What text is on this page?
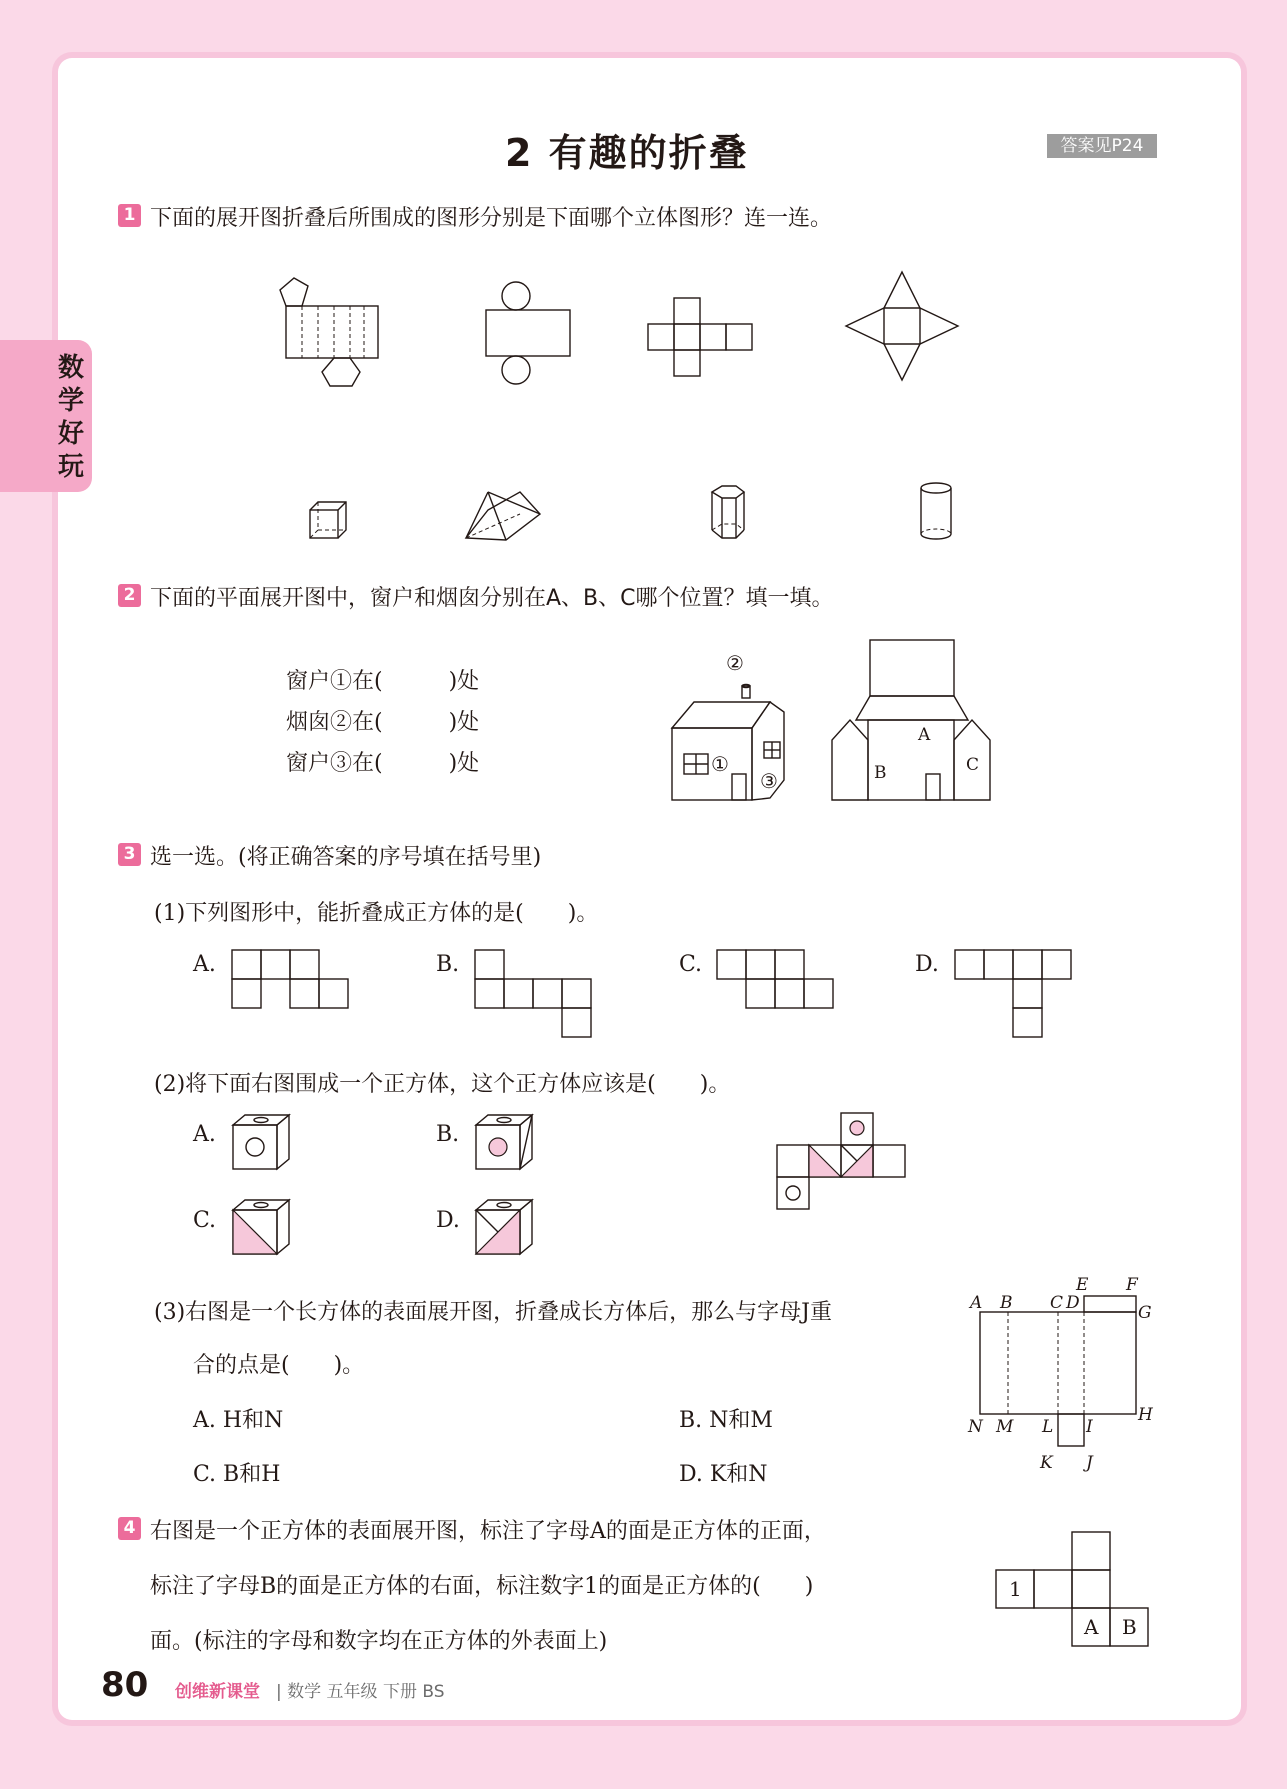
数学好玩
2 有趣的折叠	答案见P24
1 下面的展开图折叠后所围成的图形分别是下面哪个立体图形？连一连。
2 下面的平面展开图中，窗户和烟囱分别在A、B、C哪个位置？填一填。
窗户①在(　　　)处
烟囱②在(　　　)处
窗户③在(　　　)处
②
①
③
A
B	C
3 选一选。(将正确答案的序号填在括号里)
(1)下列图形中，能折叠成正方体的是(　　)。
A.	B.	C.	D.
(2)将下面右图围成一个正方体，这个正方体应该是(　　)。
A.	B.
C.	D.
(3)右图是一个长方体的表面展开图，折叠成长方体后，那么与字母J重
合的点是(　　)。
A. H和N	B. N和M
C. B和H	D. K和N
A B C D
E F
G
H
I
J
K
L
M
N
4 右图是一个正方体的表面展开图，标注了字母A的面是正方体的正面，
标注了字母B的面是正方体的右面，标注数字1的面是正方体的(　　)
面。(标注的字母和数字均在正方体的外表面上)
1
A B
80 创维新课堂 | 数学 五年级 下册 BS
